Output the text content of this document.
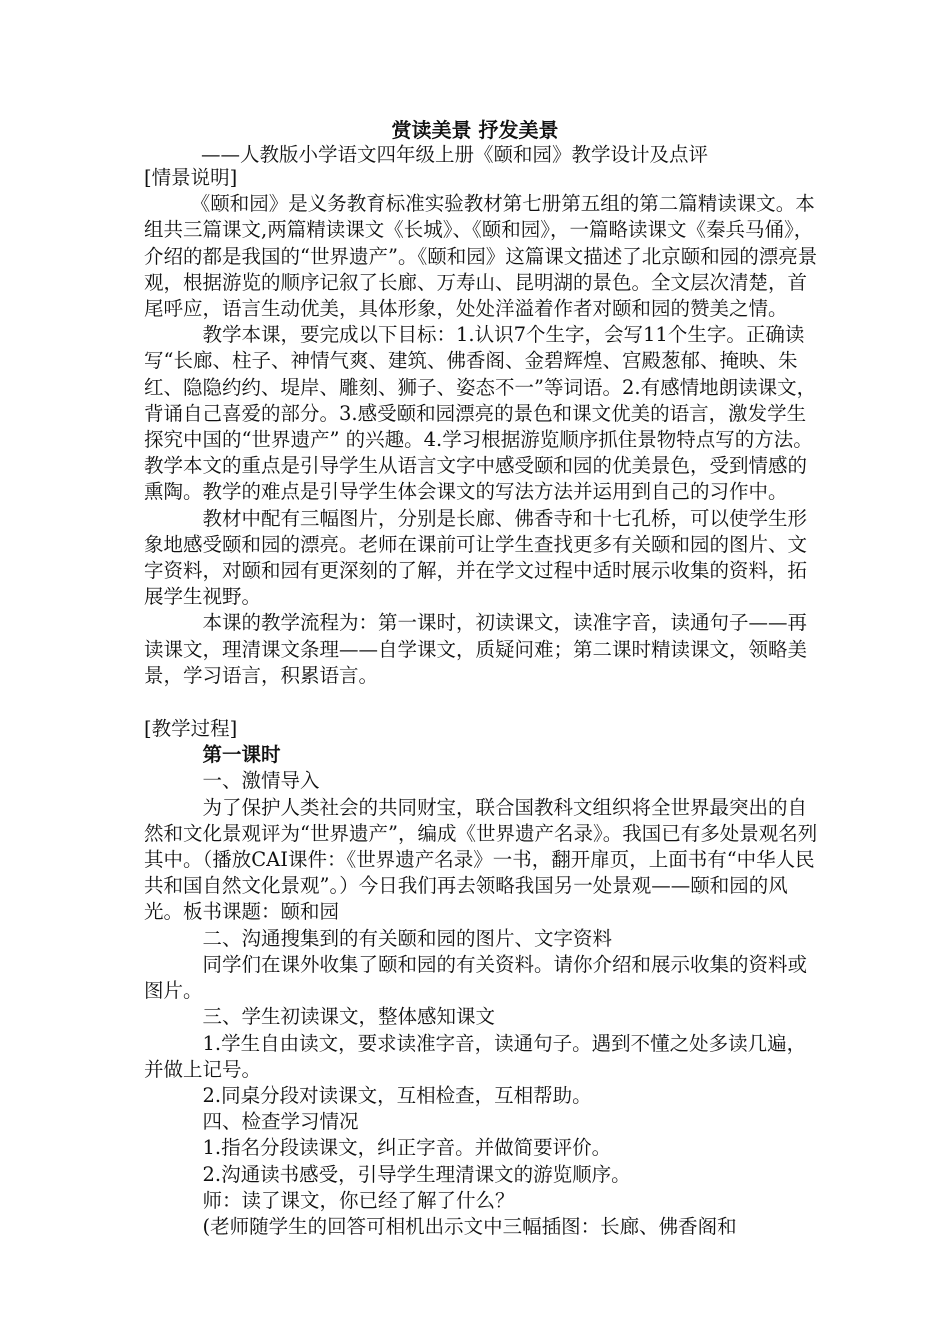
赏读美景 抒发美景
——人教版小学语文四年级上册《颐和园》教学设计及点评

[情景说明]

《颐和园》是义务教育标准实验教材第七册第五组的第二篇精读课文。本组共三篇课文,两篇精读课文《长城》、《颐和园》，一篇略读课文《秦兵马俑》，介绍的都是我国的“世界遗产”。《颐和园》这篇课文描述了北京颐和园的漂亮景观，根据游览的顺序记叙了长廊、万寿山、昆明湖的景色。全文层次清楚，首尾呼应，语言生动优美，具体形象，处处洋溢着作者对颐和园的赞美之情。

教学本课，要完成以下目标：1.认识7个生字，会写11个生字。正确读写“长廊、柱子、神情气爽、建筑、佛香阁、金碧辉煌、宫殿葱郁、掩映、朱红、隐隐约约、堤岸、雕刻、狮子、姿态不一”等词语。2.有感情地朗读课文，背诵自己喜爱的部分。3.感受颐和园漂亮的景色和课文优美的语言，激发学生探究中国的“世界遗产” 的兴趣。4.学习根据游览顺序抓住景物特点写的方法。教学本文的重点是引导学生从语言文字中感受颐和园的优美景色，受到情感的熏陶。教学的难点是引导学生体会课文的写法方法并运用到自己的习作中。

教材中配有三幅图片，分别是长廊、佛香寺和十七孔桥，可以使学生形象地感受颐和园的漂亮。老师在课前可让学生查找更多有关颐和园的图片、文字资料，对颐和园有更深刻的了解，并在学文过程中适时展示收集的资料，拓展学生视野。

本课的教学流程为：第一课时，初读课文，读准字音，读通句子——再读课文，理清课文条理——自学课文，质疑问难；第二课时精读课文，领略美景，学习语言，积累语言。

[教学过程]

第一课时

一、激情导入

为了保护人类社会的共同财宝，联合国教科文组织将全世界最突出的自然和文化景观评为“世界遗产”，编成《世界遗产名录》。我国已有多处景观名列其中。（播放CAI课件：《世界遗产名录》一书，翻开扉页，上面书有“中华人民共和国自然文化景观”。）今日我们再去领略我国另一处景观——颐和园的风光。板书课题：颐和园

二、沟通搜集到的有关颐和园的图片、文字资料

同学们在课外收集了颐和园的有关资料。请你介绍和展示收集的资料或图片。

三、学生初读课文，整体感知课文

1.学生自由读文，要求读准字音，读通句子。遇到不懂之处多读几遍，并做上记号。

2.同桌分段对读课文，互相检查，互相帮助。

四、检查学习情况

1.指名分段读课文，纠正字音。并做简要评价。

2.沟通读书感受，引导学生理清课文的游览顺序。

师：读了课文，你已经了解了什么？

(老师随学生的回答可相机出示文中三幅插图：长廊、佛香阁和
